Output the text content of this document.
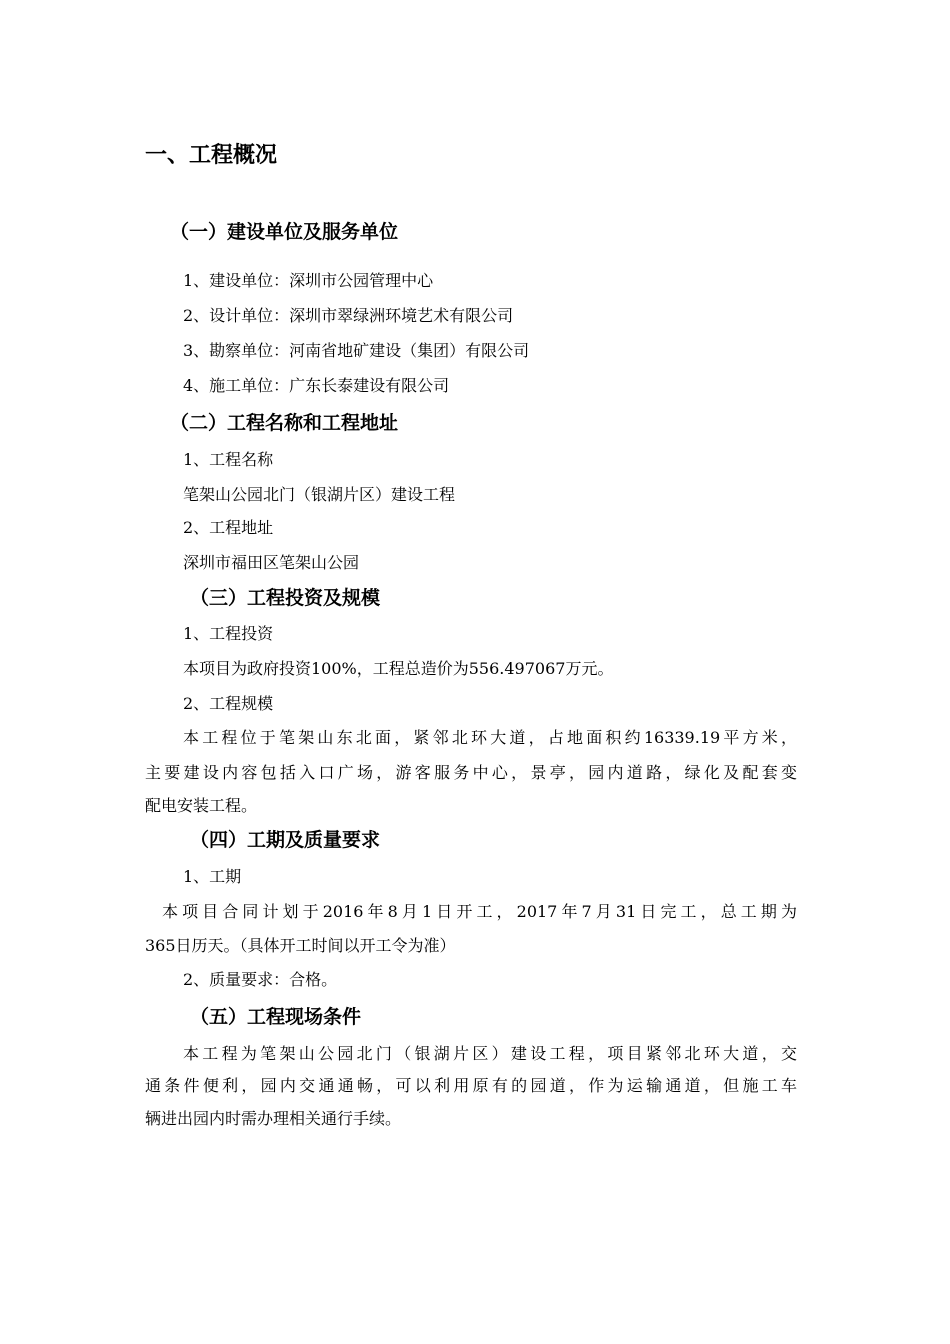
一、工程概况
（一）建设单位及服务单位

1、建设单位：深圳市公园管理中心

2、设计单位：深圳市翠绿洲环境艺术有限公司

3、勘察单位：河南省地矿建设（集团）有限公司

4、施工单位：广东长泰建设有限公司

（二）工程名称和工程地址

1、工程名称

笔架山公园北门（银湖片区）建设工程

2、工程地址

深圳市福田区笔架山公园

（三）工程投资及规模

1、工程投资

本项目为政府投资100%，工程总造价为556.497067万元。

2、工程规模

本工程位于笔架山东北面，紧邻北环大道，占地面积约16339.19平方米，

主要建设内容包括入口广场，游客服务中心，景亭，园内道路，绿化及配套变

配电安装工程。

（四）工期及质量要求

1、工期

本项目合同计划于2016年8月1日开工，2017年7月31日完工，总工期为

365日历天。（具体开工时间以开工令为准）

2、质量要求：合格。

（五）工程现场条件

本工程为笔架山公园北门（银湖片区）建设工程，项目紧邻北环大道，交

通条件便利，园内交通通畅，可以利用原有的园道，作为运输通道，但施工车

辆进出园内时需办理相关通行手续。
